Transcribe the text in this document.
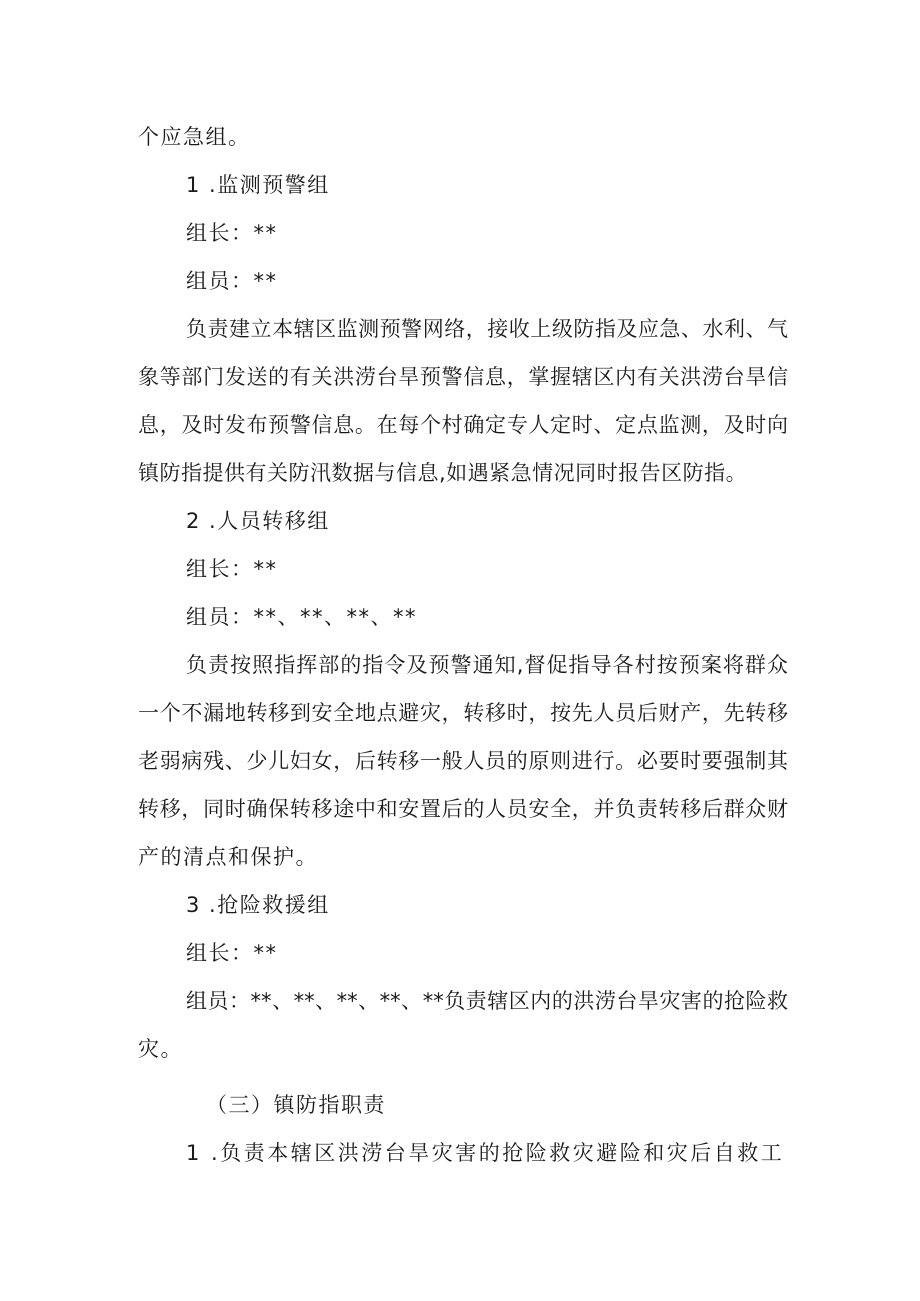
个应急组。
1 .监测预警组
组长：**
组员：**
负责建立本辖区监测预警网络，接收上级防指及应急、水利、气
象等部门发送的有关洪涝台旱预警信息，掌握辖区内有关洪涝台旱信
息，及时发布预警信息。在每个村确定专人定时、定点监测，及时向
镇防指提供有关防汛数据与信息,如遇紧急情况同时报告区防指。
2 .人员转移组
组长：**
组员：**、**、**、**
负责按照指挥部的指令及预警通知,督促指导各村按预案将群众
一个不漏地转移到安全地点避灾，转移时，按先人员后财产，先转移
老弱病残、少儿妇女，后转移一般人员的原则进行。必要时要强制其
转移，同时确保转移途中和安置后的人员安全，并负责转移后群众财
产的清点和保护。
3 .抢险救援组
组长：**
组员：**、**、**、**、**负责辖区内的洪涝台旱灾害的抢险救
灾。
（三）镇防指职责
1 .负责本辖区洪涝台旱灾害的抢险救灾避险和灾后自救工
